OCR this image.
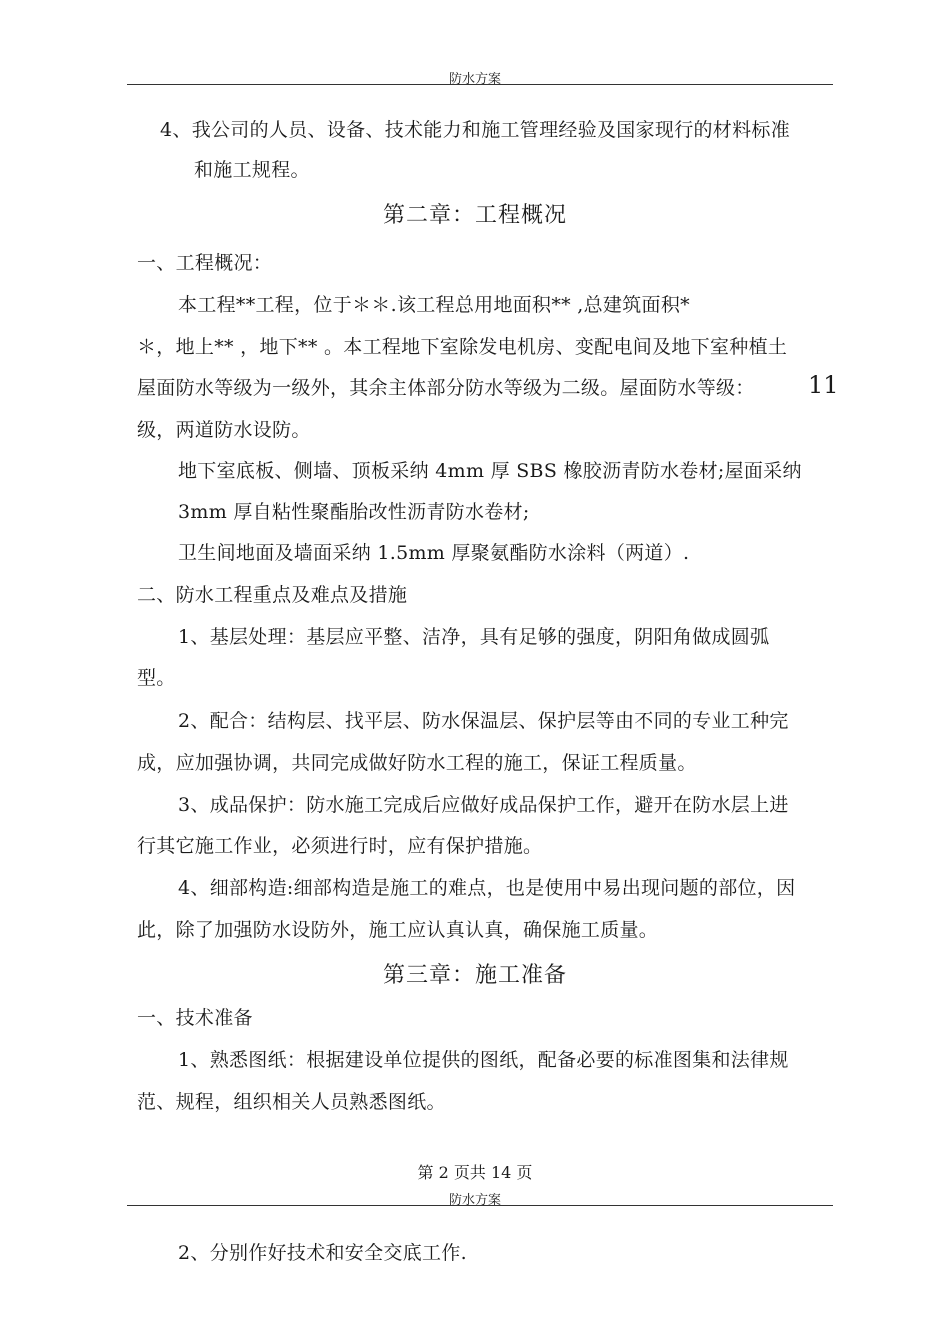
防水方案
4、我公司的人员、设备、技术能力和施工管理经验及国家现行的材料标准
和施工规程。
第二章：工程概况
一、工程概况：
本工程**工程，位于＊＊.该工程总用地面积** ,总建筑面积*
＊，地上** ，地下** 。本工程地下室除发电机房、变配电间及地下室种植土
屋面防水等级为一级外，其余主体部分防水等级为二级。屋面防水等级： 11
级，两道防水设防。
地下室底板、侧墙、顶板采纳 4mm 厚 SBS 橡胶沥青防水卷材;屋面采纳
3mm 厚自粘性聚酯胎改性沥青防水卷材;
卫生间地面及墙面采纳 1.5mm 厚聚氨酯防水涂料（两道）.
二、防水工程重点及难点及措施
1、基层处理：基层应平整、洁净，具有足够的强度，阴阳角做成圆弧
型。
2、配合：结构层、找平层、防水保温层、保护层等由不同的专业工种完
成，应加强协调，共同完成做好防水工程的施工，保证工程质量。
3、成品保护：防水施工完成后应做好成品保护工作，避开在防水层上进
行其它施工作业，必须进行时，应有保护措施。
4、细部构造:细部构造是施工的难点，也是使用中易出现问题的部位，因
此，除了加强防水设防外，施工应认真认真，确保施工质量。
第三章：施工准备
一、技术准备
1、熟悉图纸：根据建设单位提供的图纸，配备必要的标准图集和法律规
范、规程，组织相关人员熟悉图纸。
第 2 页共 14 页
防水方案
2、分别作好技术和安全交底工作.
